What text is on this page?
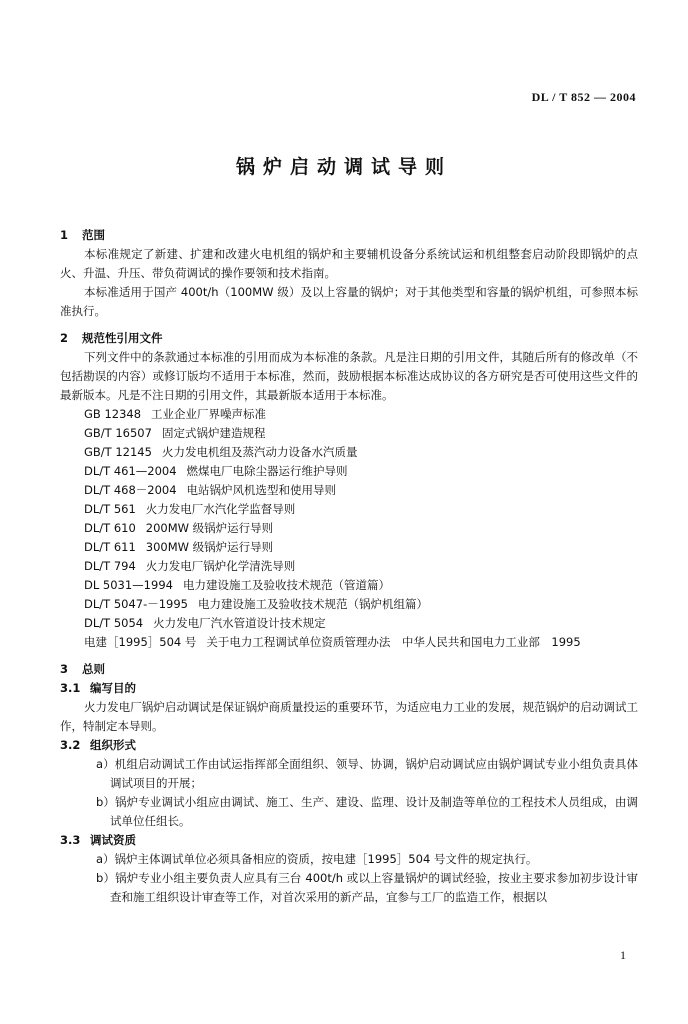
DL / T 852 — 2004
锅炉启动调试导则
1 范围
本标准规定了新建、扩建和改建火电机组的锅炉和主要辅机设备分系统试运和机组整套启动阶段即锅炉的点火、升温、升压、带负荷调试的操作要领和技术指南。
本标准适用于国产 400t/h（100MW 级）及以上容量的锅炉；对于其他类型和容量的锅炉机组，可参照本标准执行。
2 规范性引用文件
下列文件中的条款通过本标准的引用而成为本标准的条款。凡是注日期的引用文件，其随后所有的修改单（不包括勘误的内容）或修订版均不适用于本标准，然而，鼓励根据本标准达成协议的各方研究是否可使用这些文件的最新版本。凡是不注日期的引用文件，其最新版本适用于本标准。
GB 12348 工业企业厂界噪声标准
GB/T 16507 固定式锅炉建造规程
GB/T 12145 火力发电机组及蒸汽动力设备水汽质量
DL/T 461—2004 燃煤电厂电除尘器运行维护导则
DL/T 468－2004 电站锅炉风机选型和使用导则
DL/T 561 火力发电厂水汽化学监督导则
DL/T 610 200MW 级锅炉运行导则
DL/T 611 300MW 级锅炉运行导则
DL/T 794 火力发电厂锅炉化学清洗导则
DL 5031—1994 电力建设施工及验收技术规范（管道篇）
DL/T 5047-－1995 电力建设施工及验收技术规范（锅炉机组篇）
DL/T 5054 火力发电厂汽水管道设计技术规定
电建［1995］504 号 关于电力工程调试单位资质管理办法　中华人民共和国电力工业部　1995
3 总则
3.1 编写目的
火力发电厂锅炉启动调试是保证锅炉商质量投运的重要环节，为适应电力工业的发展，规范锅炉的启动调试工作，特制定本导则。
3.2 组织形式
a）机组启动调试工作由试运指挥部全面组织、领导、协调，锅炉启动调试应由锅炉调试专业小组负责具体调试项目的开展；
b）锅炉专业调试小组应由调试、施工、生产、建设、监理、设计及制造等单位的工程技术人员组成，由调试单位任组长。
3.3 调试资质
a）锅炉主体调试单位必须具备相应的资质，按电建［1995］504 号文件的规定执行。
b）锅炉专业小组主要负责人应具有三台 400t/h 或以上容量锅炉的调试经验，按业主要求参加初步设计审查和施工组织设计审查等工作，对首次采用的新产品，宜参与工厂的监造工作，根据以
1
